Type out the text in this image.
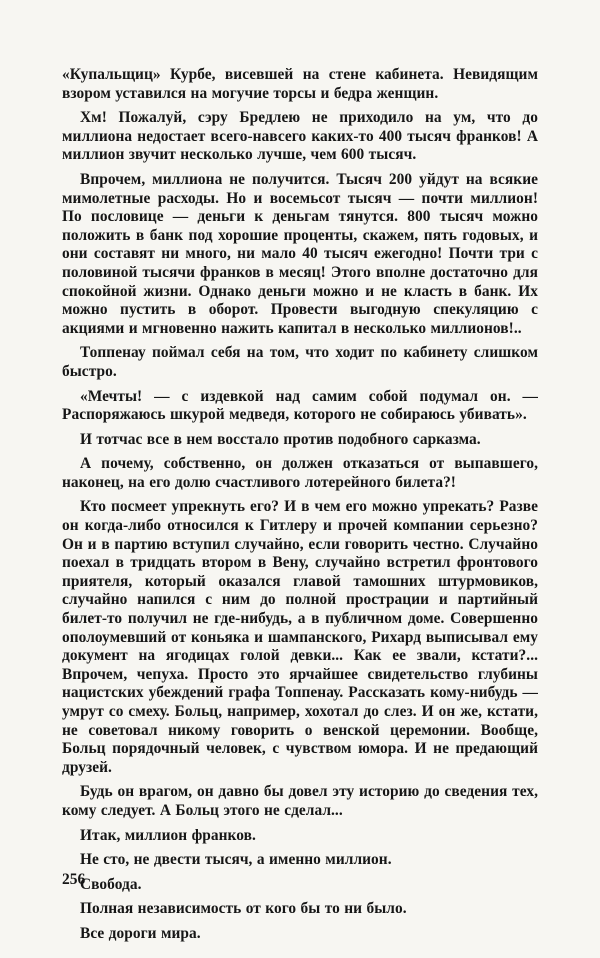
«Купальщиц» Курбе, висевшей на стене кабинета. Невидящим взором уставился на могучие торсы и бедра женщин.

Хм! Пожалуй, сэру Бредлею не приходило на ум, что до миллиона недостает всего-навсего каких-то 400 тысяч франков! А миллион звучит несколько лучше, чем 600 тысяч.

Впрочем, миллиона не получится. Тысяч 200 уйдут на всякие мимолетные расходы. Но и восемьсот тысяч — почти миллион! По пословице — деньги к деньгам тянутся. 800 тысяч можно положить в банк под хорошие проценты, скажем, пять годовых, и они составят ни много, ни мало 40 тысяч ежегодно! Почти три с половиной тысячи франков в месяц! Этого вполне достаточно для спокойной жизни. Однако деньги можно и не класть в банк. Их можно пустить в оборот. Провести выгодную спекуляцию с акциями и мгновенно нажить капитал в несколько миллионов!..

Топпенау поймал себя на том, что ходит по кабинету слишком быстро.

«Мечты! — с издевкой над самим собой подумал он. — Распоряжаюсь шкурой медведя, которого не собираюсь убивать».

И тотчас все в нем восстало против подобного сарказма.

А почему, собственно, он должен отказаться от выпавшего, наконец, на его долю счастливого лотерейного билета?!

Кто посмеет упрекнуть его? И в чем его можно упрекать? Разве он когда-либо относился к Гитлеру и прочей компании серьезно? Он и в партию вступил случайно, если говорить честно. Случайно поехал в тридцать втором в Вену, случайно встретил фронтового приятеля, который оказался главой тамошних штурмовиков, случайно напился с ним до полной прострации и партийный билет-то получил не где-нибудь, а в публичном доме. Совершенно ополоумевший от коньяка и шампанского, Рихард выписывал ему документ на ягодицах голой девки... Как ее звали, кстати?... Впрочем, чепуха. Просто это ярчайшее свидетельство глубины нацистских убеждений графа Топпенау. Рассказать кому-нибудь — умрут со смеху. Больц, например, хохотал до слез. И он же, кстати, не советовал никому говорить о венской церемонии. Вообще, Больц порядочный человек, с чувством юмора. И не предающий друзей.

Будь он врагом, он давно бы довел эту историю до сведения тех, кому следует. А Больц этого не сделал...

Итак, миллион франков.

Не сто, не двести тысяч, а именно миллион.

Свобода.

Полная независимость от кого бы то ни было.

Все дороги мира.

256
